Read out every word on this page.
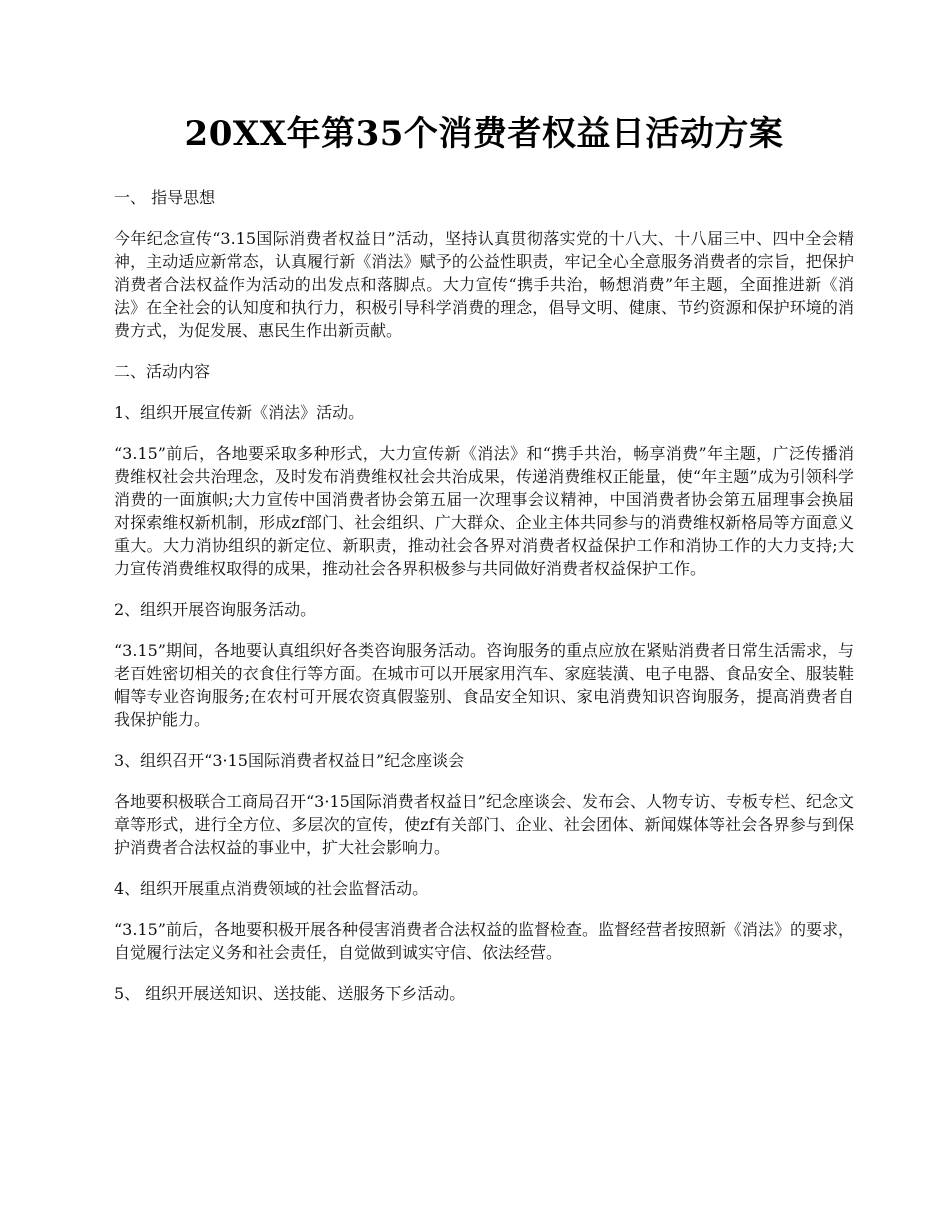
20XX年第35个消费者权益日活动方案

一、 指导思想

今年纪念宣传“3.15国际消费者权益日”活动，坚持认真贯彻落实党的十八大、十八届三中、四中全会精神，主动适应新常态，认真履行新《消法》赋予的公益性职责，牢记全心全意服务消费者的宗旨，把保护消费者合法权益作为活动的出发点和落脚点。大力宣传“携手共治，畅想消费”年主题，全面推进新《消法》在全社会的认知度和执行力，积极引导科学消费的理念，倡导文明、健康、节约资源和保护环境的消费方式，为促发展、惠民生作出新贡献。

二、活动内容

1、组织开展宣传新《消法》活动。

“3.15”前后，各地要采取多种形式，大力宣传新《消法》和“携手共治，畅享消费”年主题，广泛传播消费维权社会共治理念，及时发布消费维权社会共治成果，传递消费维权正能量，使“年主题”成为引领科学消费的一面旗帜;大力宣传中国消费者协会第五届一次理事会议精神，中国消费者协会第五届理事会换届对探索维权新机制，形成zf部门、社会组织、广大群众、企业主体共同参与的消费维权新格局等方面意义重大。大力消协组织的新定位、新职责，推动社会各界对消费者权益保护工作和消协工作的大力支持;大力宣传消费维权取得的成果，推动社会各界积极参与共同做好消费者权益保护工作。

2、组织开展咨询服务活动。

“3.15”期间，各地要认真组织好各类咨询服务活动。咨询服务的重点应放在紧贴消费者日常生活需求，与老百姓密切相关的衣食住行等方面。在城市可以开展家用汽车、家庭装潢、电子电器、食品安全、服装鞋帽等专业咨询服务;在农村可开展农资真假鉴别、食品安全知识、家电消费知识咨询服务，提高消费者自我保护能力。

3、组织召开“3·15国际消费者权益日”纪念座谈会

各地要积极联合工商局召开“3·15国际消费者权益日”纪念座谈会、发布会、人物专访、专板专栏、纪念文章等形式，进行全方位、多层次的宣传，使zf有关部门、企业、社会团体、新闻媒体等社会各界参与到保护消费者合法权益的事业中，扩大社会影响力。

4、组织开展重点消费领域的社会监督活动。

“3.15”前后，各地要积极开展各种侵害消费者合法权益的监督检查。监督经营者按照新《消法》的要求，自觉履行法定义务和社会责任，自觉做到诚实守信、依法经营。

5、 组织开展送知识、送技能、送服务下乡活动。
